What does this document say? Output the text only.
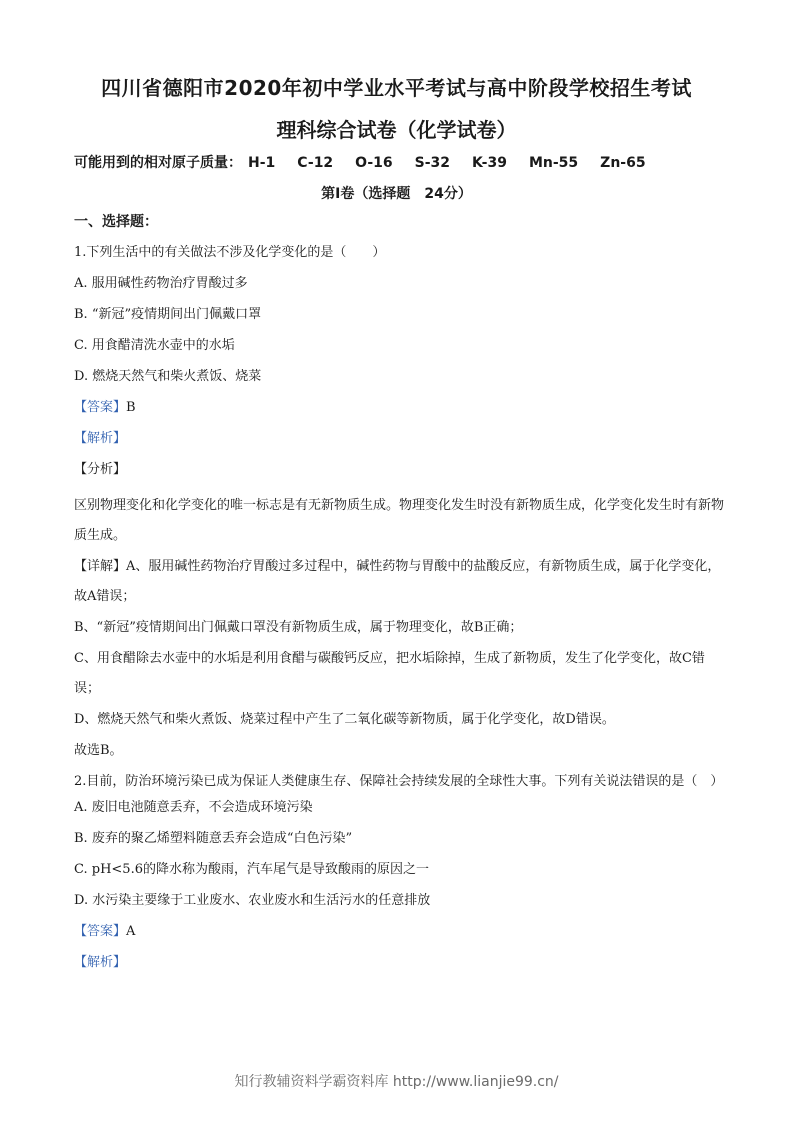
四川省德阳市2020年初中学业水平考试与高中阶段学校招生考试
理科综合试卷（化学试卷）
可能用到的相对原子质量： H-1 C-12 O-16 S-32 K-39 Mn-55 Zn-65
第Ⅰ卷（选择题　24分）
一、选择题：
1.下列生活中的有关做法不涉及化学变化的是（　　）
A. 服用碱性药物治疗胃酸过多
B. “新冠”疫情期间出门佩戴口罩
C. 用食醋清洗水壶中的水垢
D. 燃烧天然气和柴火煮饭、烧菜
【答案】B
【解析】
【分析】
区别物理变化和化学变化的唯一标志是有无新物质生成。物理变化发生时没有新物质生成，化学变化发生时有新物质生成。
【详解】A、服用碱性药物治疗胃酸过多过程中，碱性药物与胃酸中的盐酸反应，有新物质生成，属于化学变化，故A错误；
B、“新冠”疫情期间出门佩戴口罩没有新物质生成，属于物理变化，故B正确；
C、用食醋除去水壶中的水垢是利用食醋与碳酸钙反应，把水垢除掉，生成了新物质，发生了化学变化，故C错误；
D、燃烧天然气和柴火煮饭、烧菜过程中产生了二氧化碳等新物质，属于化学变化，故D错误。
故选B。
2.目前，防治环境污染已成为保证人类健康生存、保障社会持续发展的全球性大事。下列有关说法错误的是（　）
A. 废旧电池随意丢弃，不会造成环境污染
B. 废弃的聚乙烯塑料随意丢弃会造成“白色污染”
C. pH<5.6的降水称为酸雨，汽车尾气是导致酸雨的原因之一
D. 水污染主要缘于工业废水、农业废水和生活污水的任意排放
【答案】A
【解析】
知行教辅资料学霸资料库 http://www.lianjie99.cn/
